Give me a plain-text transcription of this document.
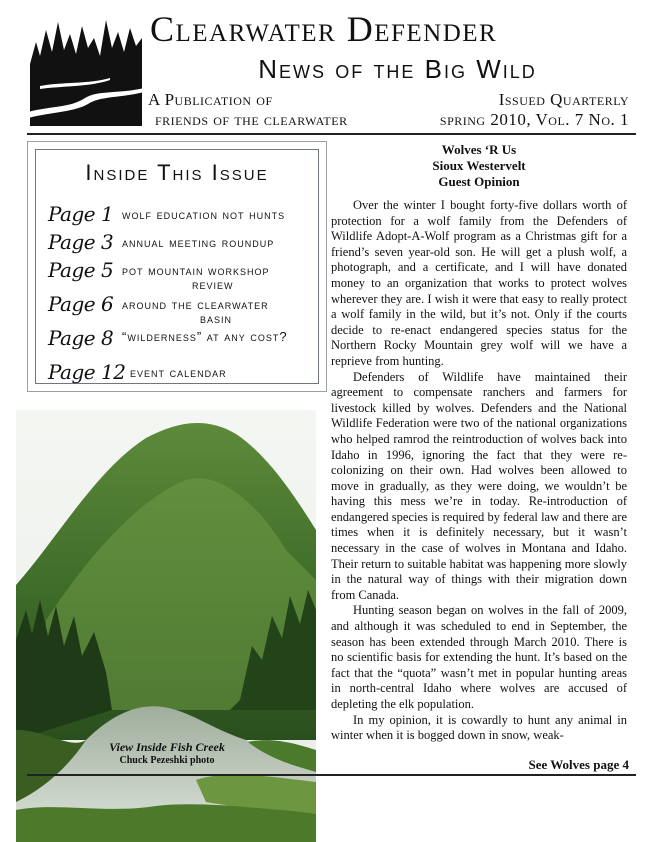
Clearwater Defender
News of the Big Wild
A Publication of
friends of the clearwater
Issued Quarterly
spring 2010, Vol. 7 No. 1
Inside This Issue
Page 1 wolf education not hunts
Page 3 annual meeting roundup
Page 5 pot mountain workshop
review
Page 6 around the clearwater
basin
Page 8 “wilderness” at any cost?
Page 12 event calendar
View Inside Fish Creek
Chuck Pezeshki photo
Wolves ‘R Us
Sioux Westervelt
Guest Opinion

Over the winter I bought forty-five dollars worth of protection for a wolf family from the Defenders of Wildlife Adopt-A-Wolf program as a Christmas gift for a friend’s seven year-old son. He will get a plush wolf, a photograph, and a certificate, and I will have donated money to an organization that works to protect wolves wherever they are. I wish it were that easy to really protect a wolf family in the wild, but it’s not. Only if the courts decide to re-enact endangered species status for the Northern Rocky Mountain grey wolf will we have a reprieve from hunting.

Defenders of Wildlife have maintained their agreement to compensate ranchers and farmers for livestock killed by wolves. Defenders and the National Wildlife Federation were two of the national organizations who helped ramrod the reintroduction of wolves back into Idaho in 1996, ignoring the fact that they were re-colonizing on their own. Had wolves been allowed to move in gradually, as they were doing, we wouldn’t be having this mess we’re in today. Re-introduction of endangered species is required by federal law and there are times when it is definitely necessary, but it wasn’t necessary in the case of wolves in Montana and Idaho. Their return to suitable habitat was happening more slowly in the natural way of things with their migration down from Canada.

Hunting season began on wolves in the fall of 2009, and although it was scheduled to end in September, the season has been extended through March 2010. There is no scientific basis for extending the hunt. It’s based on the fact that the “quota” wasn’t met in popular hunting areas in north-central Idaho where wolves are accused of depleting the elk population.

In my opinion, it is cowardly to hunt any animal in winter when it is bogged down in snow, weak-

See Wolves page 4
